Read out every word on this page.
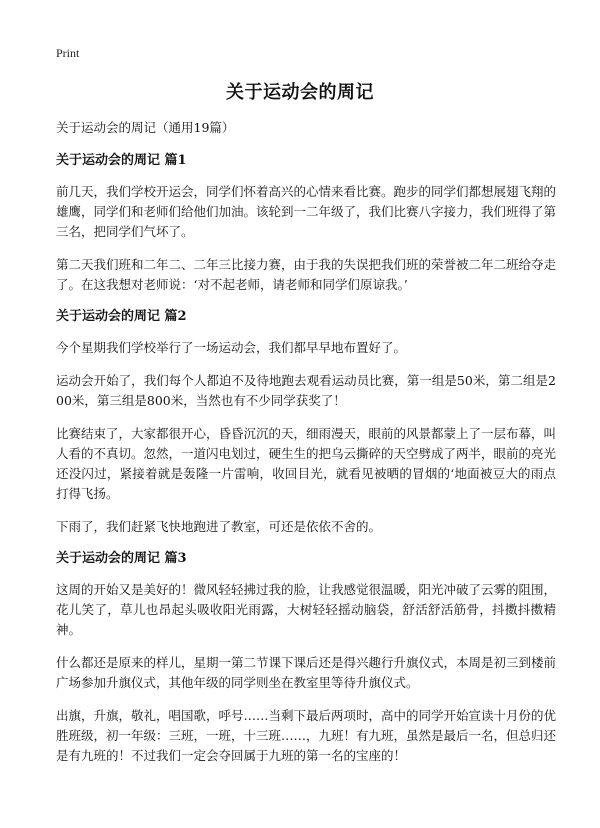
Print
关于运动会的周记
关于运动会的周记（通用19篇）
关于运动会的周记 篇1

前几天，我们学校开运会，同学们怀着高兴的心情来看比赛。跑步的同学们都想展翅飞翔的雄鹰，同学们和老师们给他们加油。该轮到一二年级了，我们比赛八字接力，我们班得了第三名，把同学们气坏了。

第二天我们班和二年二、二年三比接力赛，由于我的失误把我们班的荣誉被二年二班给夺走了。在这我想对老师说：‘对不起老师，请老师和同学们原谅我。’

关于运动会的周记 篇2

今个星期我们学校举行了一场运动会，我们都早早地布置好了。

运动会开始了，我们每个人都迫不及待地跑去观看运动员比赛，第一组是50米，第二组是200米，第三组是800米，当然也有不少同学获奖了！

比赛结束了，大家都很开心，昏昏沉沉的天，细雨漫天，眼前的风景都蒙上了一层布幕，叫人看的不真切。忽然，一道闪电划过，硬生生的把乌云撕碎的天空劈成了两半，眼前的亮光还没闪过，紧接着就是轰隆一片雷响，收回目光，就看见被晒的冒烟的‘地面被豆大的雨点打得飞扬。

下雨了，我们赶紧飞快地跑进了教室，可还是依依不舍的。

关于运动会的周记 篇3

这周的开始又是美好的！微风轻轻拂过我的脸，让我感觉很温暖，阳光冲破了云雾的阻围，花儿笑了，草儿也昂起头吸收阳光雨露，大树轻轻摇动脑袋，舒活舒活筋骨，抖擞抖擞精神。

什么都还是原来的样儿，星期一第二节课下课后还是得兴趣行升旗仪式，本周是初三到楼前广场参加升旗仪式，其他年级的同学则坐在教室里等待升旗仪式。

出旗，升旗，敬礼，唱国歌，呼号……当剩下最后两项时，高中的同学开始宣读十月份的优胜班级，初一年级：三班，一班，十三班……，九班！有九班，虽然是最后一名，但总归还是有九班的！不过我们一定会夺回属于九班的第一名的宝座的！
